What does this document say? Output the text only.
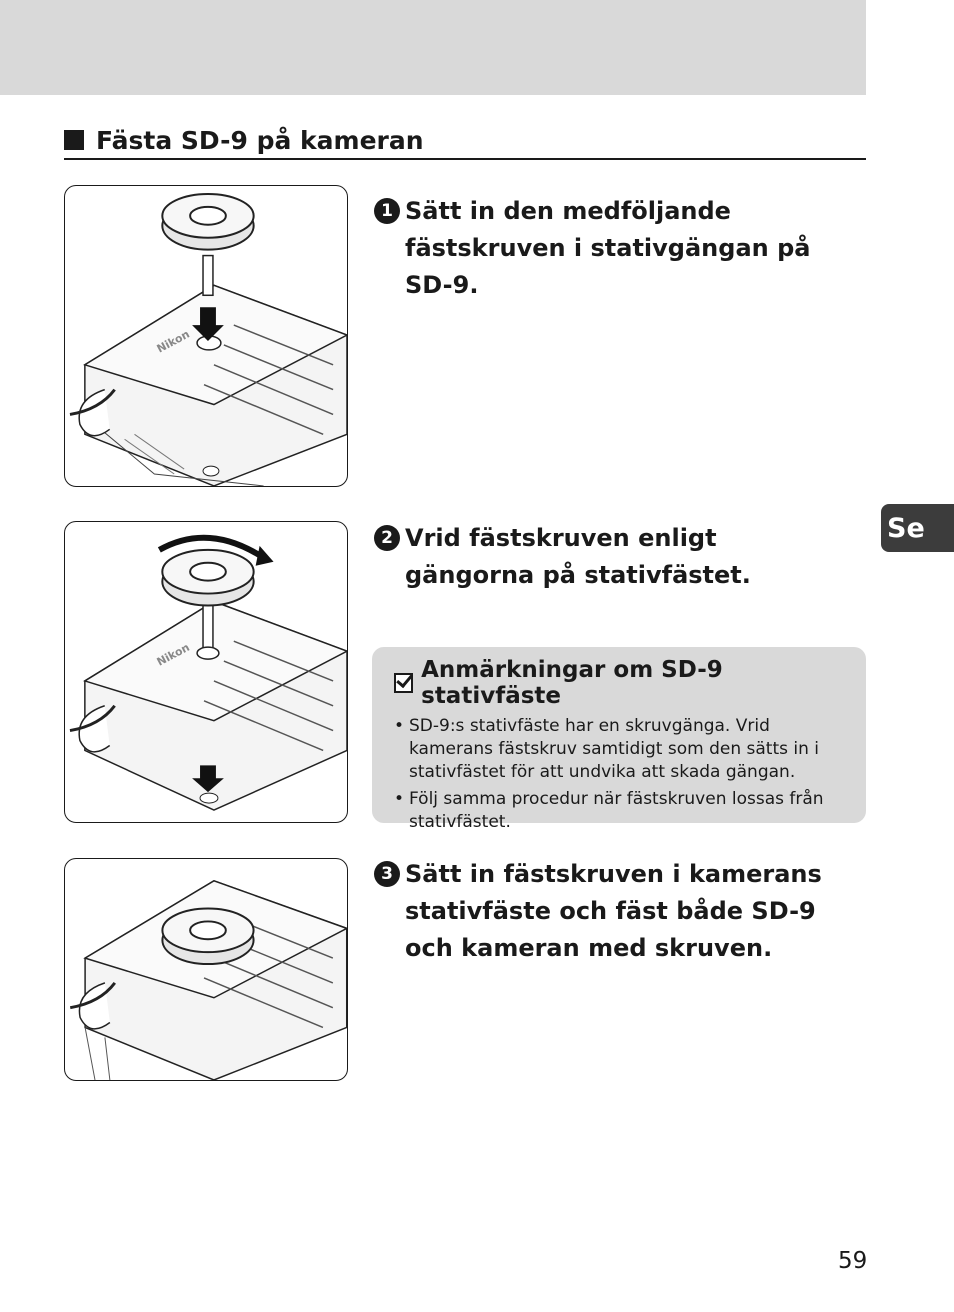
Fästa SD-9 på kameran
Nikon
1 Sätt in den medföljande fästskruven i stativgängan på SD-9.
Nikon
2 Vrid fästskruven enligt gängorna på stativfästet.
Se
Anmärkningar om SD-9 stativfäste
• SD-9:s stativfäste har en skruvgänga. Vrid kamerans fästskruv samtidigt som den sätts in i stativfästet för att undvika att skada gängan.
• Följ samma procedur när fästskruven lossas från stativfästet.
3 Sätt in fästskruven i kamerans stativfäste och fäst både SD-9 och kameran med skruven.
59
